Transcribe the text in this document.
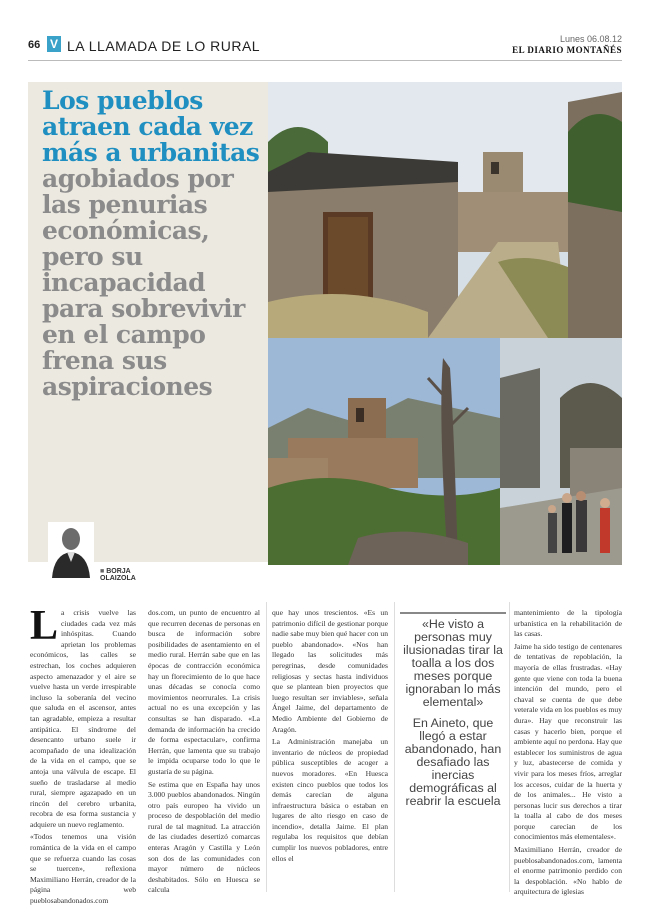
66 V LA LLAMADA DE LO RURAL	Lunes 06.08.12
EL DIARIO MONTAÑÉS
Los pueblos atraen cada vez más a urbanitas agobiados por las penurias económicas, pero su incapacidad para sobrevivir en el campo frena sus aspiraciones
■ BORJA
OLAIZOLA
L a crisis vuelve las ciudades cada vez más inhóspitas. Cuando aprietan los problemas económicos, las calles se estrechan, los coches adquieren aspecto amenazador y el aire se vuelve hasta un verde irrespirable incluso la soberanía del vecino que saluda en el ascensor, antes tan agradable, empieza a resultar antipática. El síndrome del desencanto urbano suele ir acompañado de una idealización de la vida en el campo, que se antoja una válvula de escape. El sueño de trasladarse al medio rural, siempre agazapado en un rincón del cerebro urbanita, recobra de esa forma sustancia y adquiere un nuevo reglamento.

«Todos tenemos una visión romántica de la vida en el campo que se refuerza cuando las cosas se tuercen», reflexiona Maximiliano Herrán, creador de la página web pueblosabandonados.com

dos.com, un punto de encuentro al que recurren decenas de personas en busca de información sobre posibilidades de asentamiento en el medio rural. Herrán sabe que en las épocas de contracción económica hay un florecimiento de lo que hace unas décadas se conocía como movimientos neorrurales. La crisis actual no es una excepción y las consultas se han disparado. «La demanda de información ha crecido de forma espectacular», confirma Herrán, que lamenta que su trabajo le impida ocuparse todo lo que le gustaría de su página.

Se estima que en España hay unos 3.000 pueblos abandonados. Ningún otro país europeo ha vivido un proceso de despoblación del medio rural de tal magnitud. La atracción de las ciudades desertizó comarcas enteras Aragón y Castilla y León son dos de las comunidades con mayor número de núcleos deshabitados. Sólo en Huesca se calcula

que hay unos trescientos. «Es un patrimonio difícil de gestionar porque nadie sabe muy bien qué hacer con un pueblo abandonado». «Nos han llegado las solicitudes más peregrinas, desde comunidades religiosas y sectas hasta individuos que se plantean bien proyectos que luego resultan ser inviables», señala Ángel Jaime, del departamento de Medio Ambiente del Gobierno de Aragón.

La Administración manejaba un inventario de núcleos de propiedad pública susceptibles de acoger a nuevos moradores. «En Huesca existen cinco pueblos que todos los demás carecían de alguna infraestructura básica o estaban en lugares de alto riesgo en caso de incendio», detalla Jaime. El plan regulaba los requisitos que debían cumplir los nuevos pobladores, entre ellos el

«He visto a personas muy ilusionadas tirar la toalla a los dos meses porque ignoraban lo más elemental»
En Aineto, que llegó a estar abandonado, han desafiado las inercias demográficas al reabrir la escuela

mantenimiento de la tipología urbanística en la rehabilitación de las casas.

Jaime ha sido testigo de centenares de tentativas de repoblación, la mayoría de ellas frustradas. «Hay gente que viene con toda la buena intención del mundo, pero el chaval se cuenta de que debe veterale vida en los pueblos es muy dura». Hay que reconstruir las casas y hacerlo bien, porque el ambiente aquí no perdona. Hay que establecer los suministros de agua y luz, abastecerse de comida y vivir para los meses fríos, arreglar los accesos, cuidar de la huerta y de los animales... He visto a personas lucir sus derechos a tirar la toalla al cabo de dos meses porque carecían de los conocimientos más elementales».

Maximiliano Herrán, creador de pueblosabandonados.com, lamenta el enorme patrimonio perdido con la despoblación. «No hablo de arquitectura de iglesias
